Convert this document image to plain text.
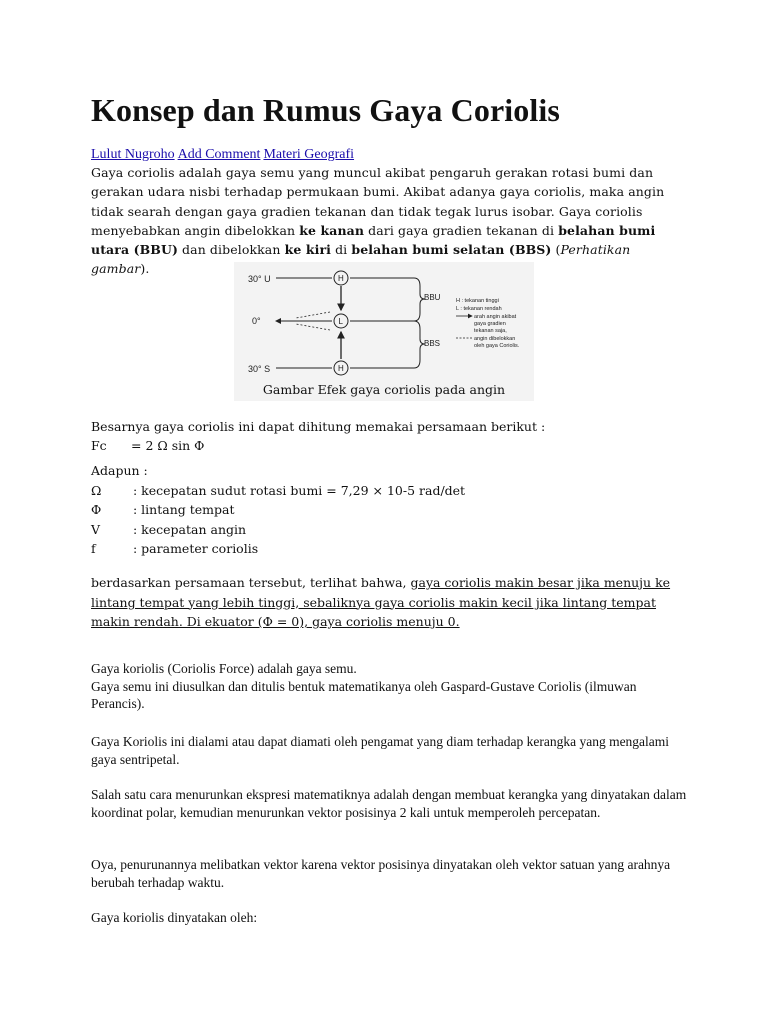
Konsep dan Rumus Gaya Coriolis
Lulut Nugroho Add Comment Materi Geografi
Gaya coriolis adalah gaya semu yang muncul akibat pengaruh gerakan rotasi bumi dan gerakan udara nisbi terhadap permukaan bumi. Akibat adanya gaya coriolis, maka angin tidak searah dengan gaya gradien tekanan dan tidak tegak lurus isobar. Gaya coriolis menyebabkan angin dibelokkan ke kanan dari gaya gradien tekanan di belahan bumi utara (BBU) dan dibelokkan ke kiri di belahan bumi selatan (BBS) (Perhatikan gambar).
30° U
0°
30° S
H
L
H
BBU
BBS
H : tekanan tinggi
L : tekanan rendah
arah angin akibat
gaya gradien
tekanan saja,
angin dibelokkan
oleh gaya Coriolis.
Gambar Efek gaya coriolis pada angin
Besarnya gaya coriolis ini dapat dihitung memakai persamaan berikut :
Fc = 2 Ω sin Φ
Adapun :
Ω	: kecepatan sudut rotasi bumi = 7,29 × 10-5 rad/det
Φ	: lintang tempat
V	: kecepatan angin
f	: parameter coriolis
berdasarkan persamaan tersebut, terlihat bahwa, gaya coriolis makin besar jika menuju ke lintang tempat yang lebih tinggi, sebaliknya gaya coriolis makin kecil jika lintang tempat makin rendah. Di ekuator (Φ = 0), gaya coriolis menuju 0.
Gaya koriolis (Coriolis Force) adalah gaya semu.
Gaya semu ini diusulkan dan ditulis bentuk matematikanya oleh Gaspard-Gustave Coriolis (ilmuwan Perancis).
Gaya Koriolis ini dialami atau dapat diamati oleh pengamat yang diam terhadap kerangka yang mengalami gaya sentripetal.
Salah satu cara menurunkan ekspresi matematiknya adalah dengan membuat kerangka yang dinyatakan dalam koordinat polar, kemudian menurunkan vektor posisinya 2 kali untuk memperoleh percepatan.
Oya, penurunannya melibatkan vektor karena vektor posisinya dinyatakan oleh vektor satuan yang arahnya berubah terhadap waktu.
Gaya koriolis dinyatakan oleh:
